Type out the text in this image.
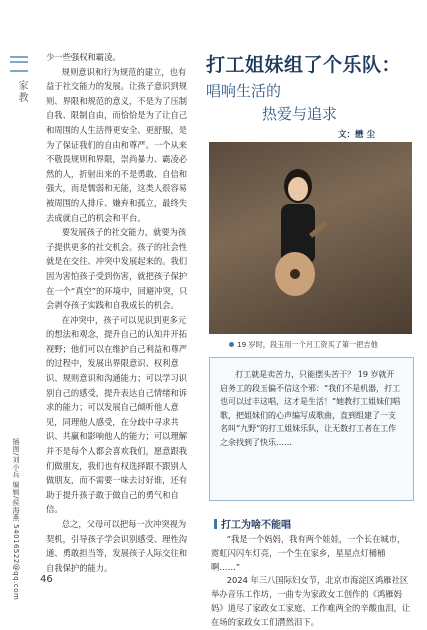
家教
插图/刘小兵 编辑/侯海燕 54016522@qq.com

少一些强权和霸凌。

规则意识和行为规范的建立，也有益于社交能力的发展。让孩子意识到规则、界限和规范的意义，不是为了压制自我、限制自由，而恰恰是为了让自己和周围的人生活得更安全、更舒服，是为了保证我们的自由和尊严。一个从来不敬畏规则和界限，崇尚暴力、霸凌必然的人，折射出来的不是勇敢、自信和强大，而是懦弱和无能，这类人很容易被周围的人排斥、嫌弃和孤立，最终失去成就自己的机会和平台。

要发展孩子的社交能力，就要为孩子提供更多的社交机会。孩子的社会性就是在交往、冲突中发展起来的。我们因为害怕孩子受到伤害，就把孩子保护在一个“真空”的环境中，回避冲突，只会剥夺孩子实践和自我成长的机会。

在冲突中，孩子可以见识到更多元的想法和观念，提升自己的认知并开拓视野；他们可以在维护自己利益和尊严的过程中，发展出界限意识、权利意识、规则意识和沟通能力；可以学习识别自己的感受，提升表达自己情绪和诉求的能力；可以发展自己倾听他人意见，同理他人感受，在分歧中寻求共识、共赢和影响他人的能力；可以理解并不是每个人都会喜欢我们，愿意跟我们做朋友，我们也有权选择跟不跟别人做朋友，而不需要一味去讨好谁，还有助于提升孩子敢于做自己的勇气和自信。

总之，父母可以把每一次冲突视为契机，引导孩子学会识别感受、理性沟通、勇敢担当等，发展孩子人际交往和自我保护的能力。

打工姐妹组了个乐队：
唱响生活的
热爱与追求
文：懋 尘
19 岁时，段玉用一个月工资买了第一把吉他

打工就是卖苦力，只能摆头苦干？ 19 岁就开启务工的段玉偏不信这个邪：“我们不是机器，打工也可以过丰这唱，这才是生活！”她教打工姐妹们唱歌，把姐妹们的心声编写成歌曲，直到组建了一支名叫“九野”的打工姐妹乐队，让无数打工者在工作之余找到了快乐……

打工为啥不能唱

“我是一个妈妈，我有两个娃娃，一个长在城市，霓虹闪闪车灯亮，一个生在家乡，星星点灯桶桶啊……”

2024 年三八国际妇女节，北京市海淀区鸿雁社区举办音乐工作坊，一曲专为家政女工创作的《鸿雁妈妈》道尽了家政女工家庭、工作难两全的辛酸血泪，让在场的家政女工们潸然泪下。

46
